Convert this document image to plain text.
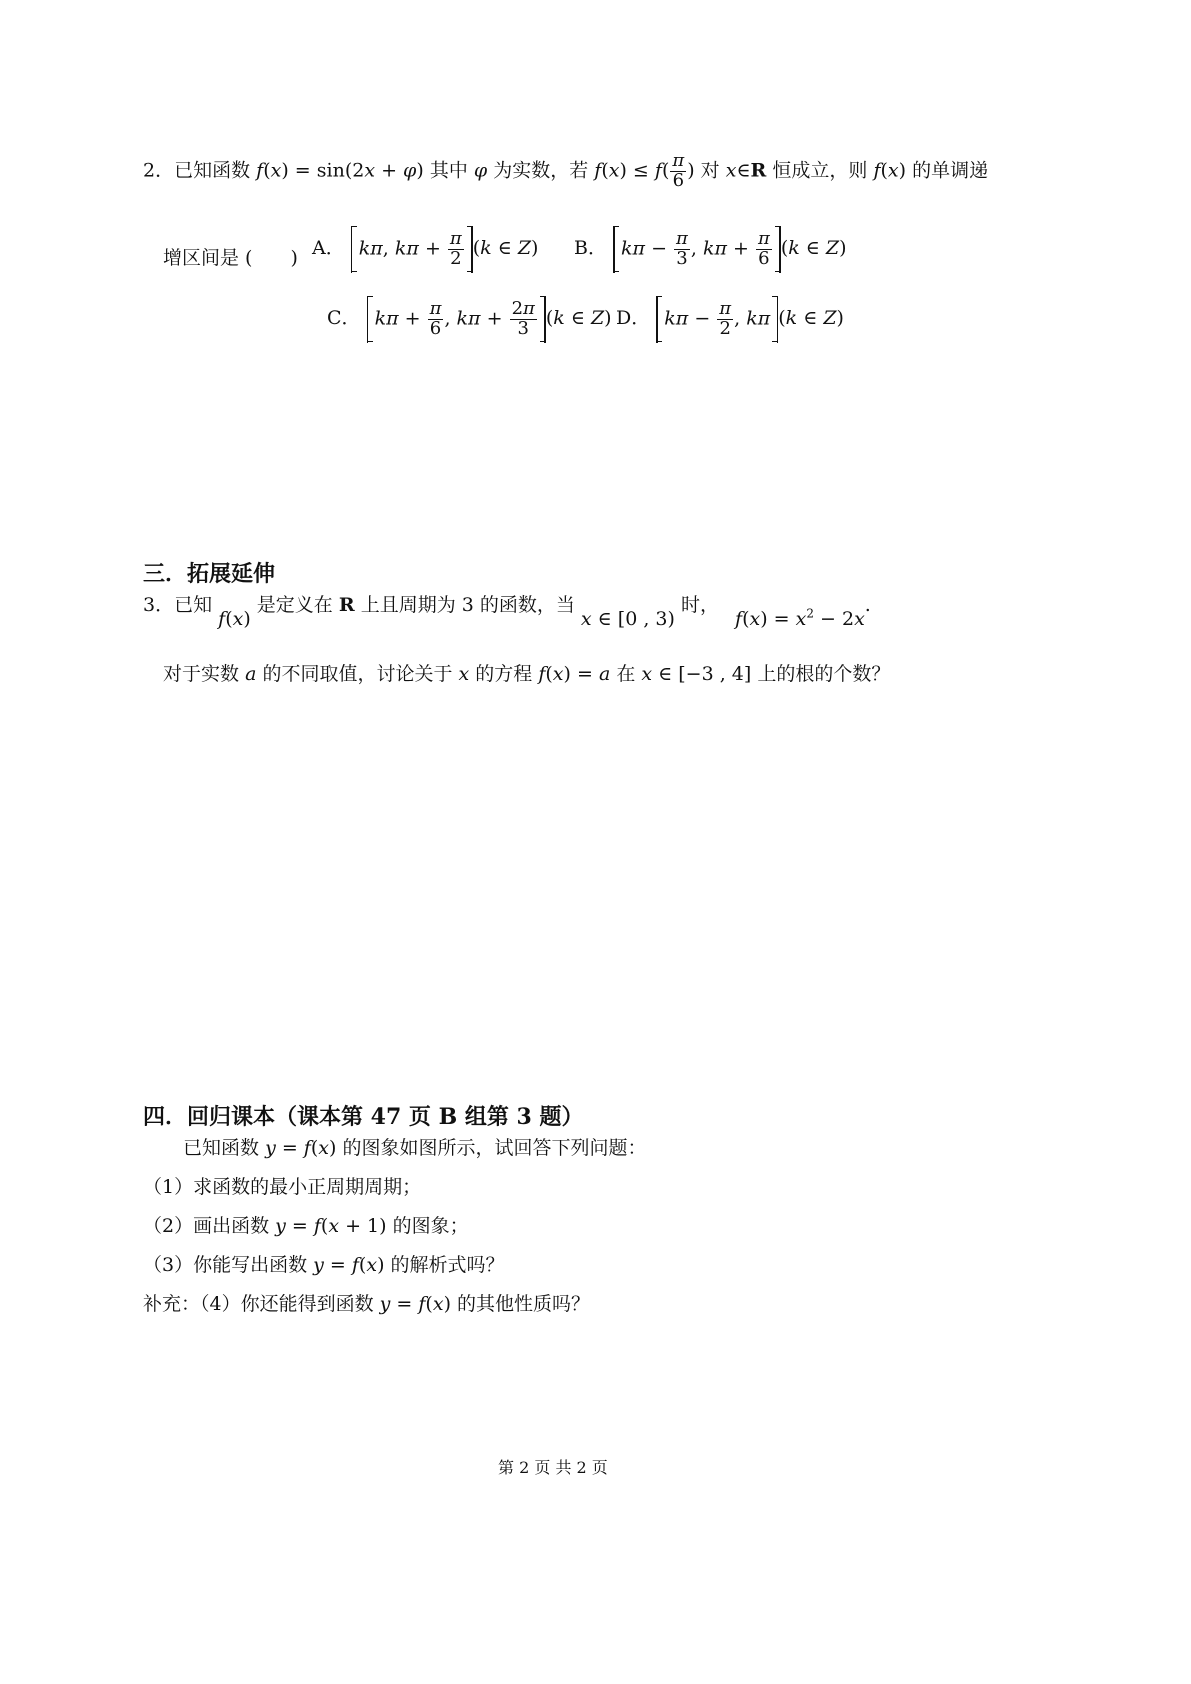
2．已知函数 f(x) = sin(2x + φ) 其中 φ 为实数，若 $f(x) \le f( \frac{\pi}{6}$ ) 对 x∈R 恒成立，则 f(x) 的单调递
增区间是 (　　) A． kπ, $k\pi + \frac{\pi}{2} (k$ ∈ Z) B． $k\pi - \frac{\pi}{3}$ , $k\pi + \frac{\pi}{6} (k$ ∈ Z)
C． $k\pi + \frac{\pi}{6}$ , $k\pi + \frac{2\pi}{3} (k$ ∈ Z) D． $k\pi - \frac{\pi}{2}$ , kπ (k ∈ Z)
三．拓展延伸
3．已知 f(x) 是定义在 R 上且周期为 3 的函数，当 x ∈ [0 , 3) 时， $f(x) = x^2 - 2x$.
对于实数 a 的不同取值，讨论关于 x 的方程 f(x) = a 在 x ∈ [−3 , 4] 上的根的个数？
四．回归课本（课本第 47 页 B 组第 3 题）
已知函数 y = f(x) 的图象如图所示，试回答下列问题：
（1）求函数的最小正周期周期；
（2）画出函数 y = f(x + 1) 的图象；
（3）你能写出函数 y = f(x) 的解析式吗？
补充：（4）你还能得到函数 y = f(x) 的其他性质吗？
第 2 页 共 2 页
